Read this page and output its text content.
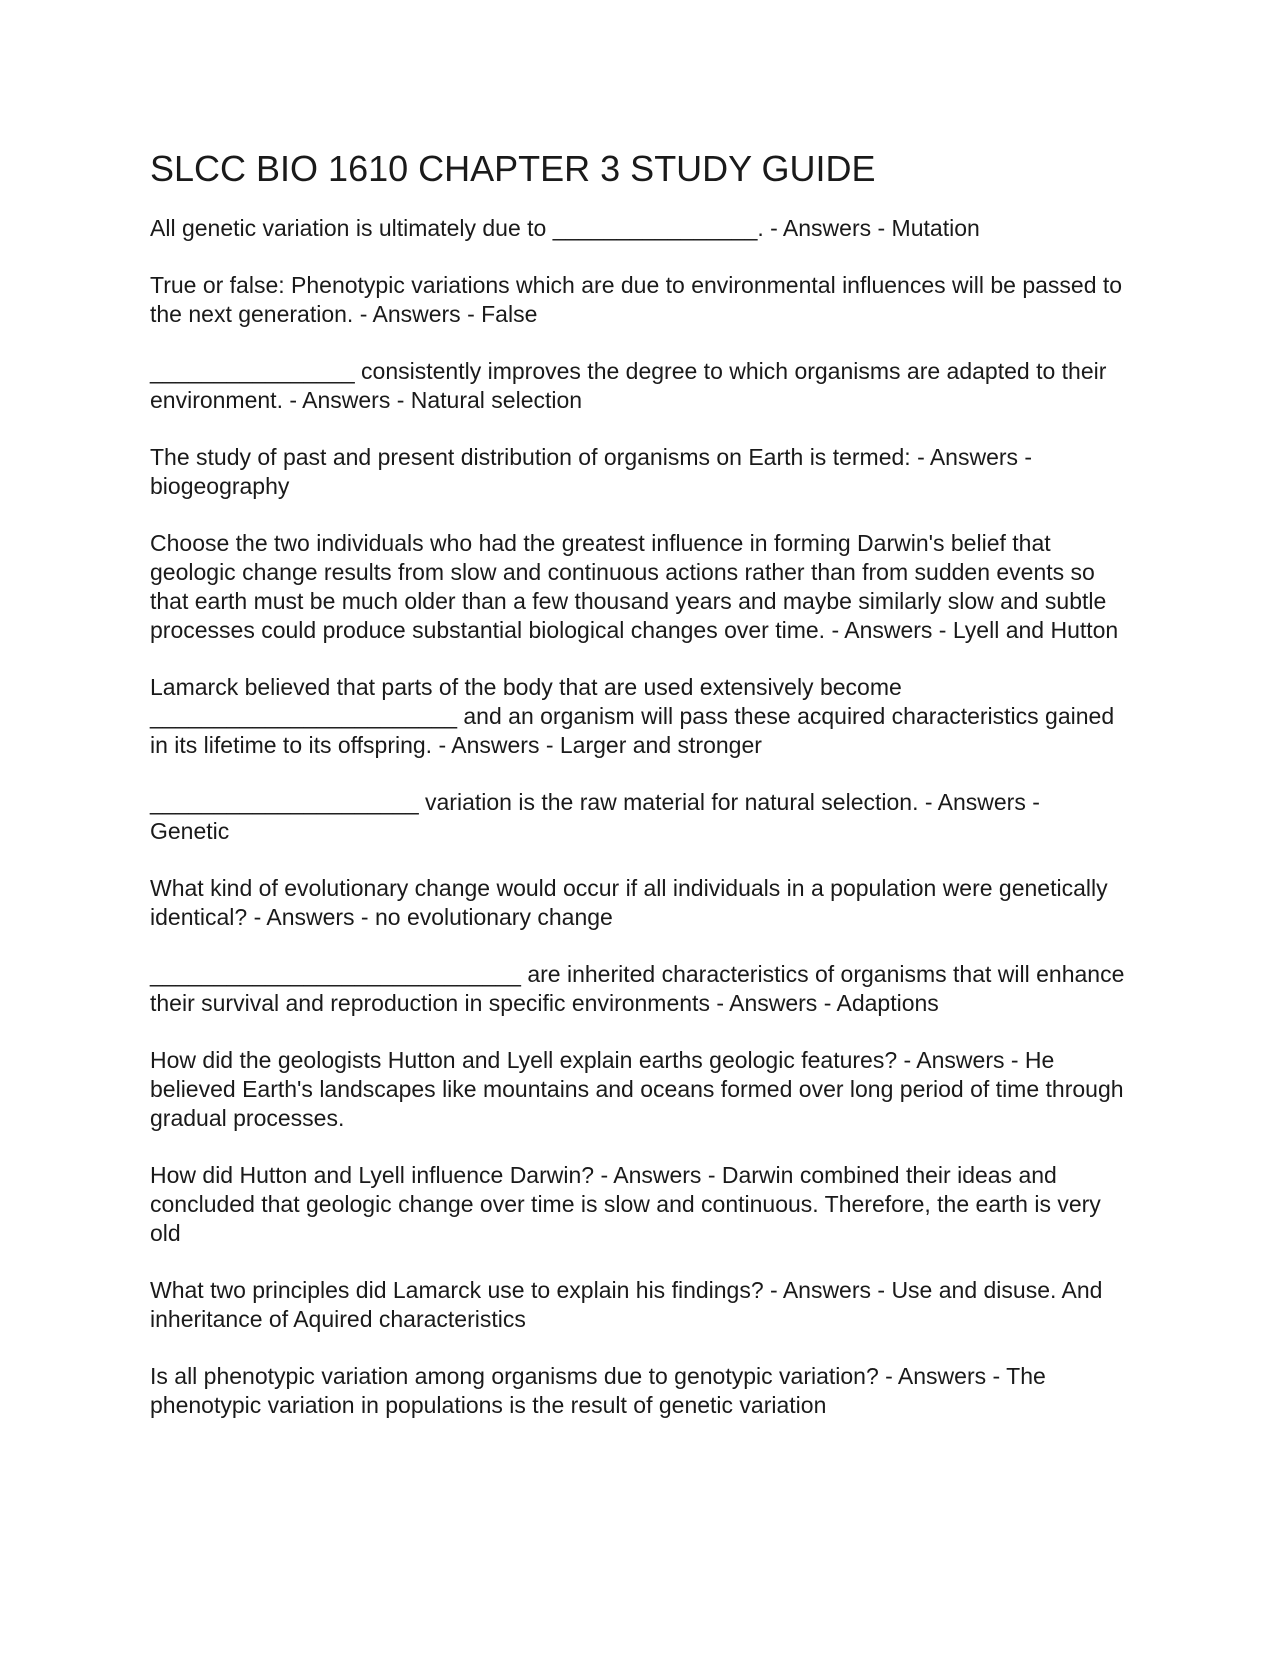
SLCC BIO 1610 CHAPTER 3 STUDY GUIDE

All genetic variation is ultimately due to ________________. - Answers - Mutation

True or false: Phenotypic variations which are due to environmental influences will be passed to the next generation. - Answers - False

________________ consistently improves the degree to which organisms are adapted to their environment. - Answers - Natural selection

The study of past and present distribution of organisms on Earth is termed: - Answers - biogeography

Choose the two individuals who had the greatest influence in forming Darwin's belief that geologic change results from slow and continuous actions rather than from sudden events so that earth must be much older than a few thousand years and maybe similarly slow and subtle processes could produce substantial biological changes over time. - Answers - Lyell and Hutton

Lamarck believed that parts of the body that are used extensively become ________________________ and an organism will pass these acquired characteristics gained in its lifetime to its offspring. - Answers - Larger and stronger

_____________________ variation is the raw material for natural selection. - Answers - Genetic

What kind of evolutionary change would occur if all individuals in a population were genetically identical? - Answers - no evolutionary change

_____________________________ are inherited characteristics of organisms that will enhance their survival and reproduction in specific environments - Answers - Adaptions

How did the geologists Hutton and Lyell explain earths geologic features? - Answers - He believed Earth's landscapes like mountains and oceans formed over long period of time through gradual processes.

How did Hutton and Lyell influence Darwin? - Answers - Darwin combined their ideas and concluded that geologic change over time is slow and continuous. Therefore, the earth is very old

What two principles did Lamarck use to explain his findings? - Answers - Use and disuse. And inheritance of Aquired characteristics

Is all phenotypic variation among organisms due to genotypic variation? - Answers - The phenotypic variation in populations is the result of genetic variation
